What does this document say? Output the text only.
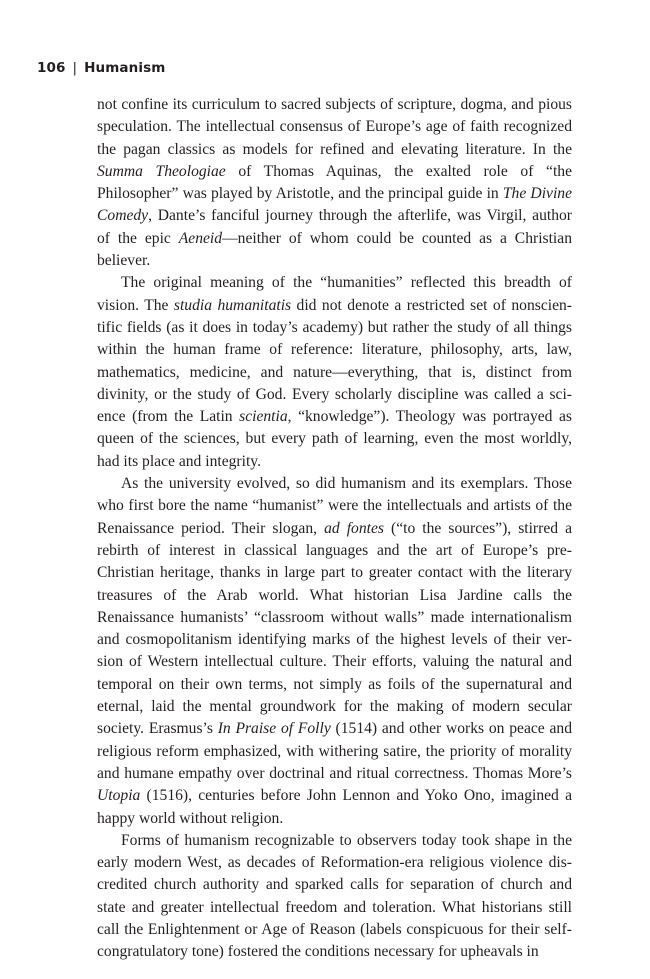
106 | Humanism

not confine its curriculum to sacred subjects of scripture, dogma, and pious speculation. The intellectual consensus of Europe’s age of faith recognized the pagan classics as models for refined and elevating literature. In the Summa Theologiae of Thomas Aquinas, the exalted role of “the Philosopher” was played by Aristotle, and the principal guide in The Divine Comedy, Dante’s fanciful journey through the afterlife, was Virgil, author of the epic Aeneid—neither of whom could be counted as a Christian believer.

The original meaning of the “humanities” reflected this breadth of vision. The studia humanitatis did not denote a restricted set of nonscientific fields (as it does in today’s academy) but rather the study of all things within the human frame of reference: literature, philosophy, arts, law, mathematics, medicine, and nature—everything, that is, distinct from divinity, or the study of God. Every scholarly discipline was called a science (from the Latin scientia, “knowledge”). Theology was portrayed as queen of the sciences, but every path of learning, even the most worldly, had its place and integrity.

As the university evolved, so did humanism and its exemplars. Those who first bore the name “humanist” were the intellectuals and artists of the Renaissance period. Their slogan, ad fontes (“to the sources”), stirred a rebirth of interest in classical languages and the art of Europe’s pre-Christian heritage, thanks in large part to greater contact with the literary treasures of the Arab world. What historian Lisa Jardine calls the Renaissance humanists’ “classroom without walls” made internationalism and cosmopolitanism identifying marks of the highest levels of their version of Western intellectual culture. Their efforts, valuing the natural and temporal on their own terms, not simply as foils of the supernatural and eternal, laid the mental groundwork for the making of modern secular society. Erasmus’s In Praise of Folly (1514) and other works on peace and religious reform emphasized, with withering satire, the priority of morality and humane empathy over doctrinal and ritual correctness. Thomas More’s Utopia (1516), centuries before John Lennon and Yoko Ono, imagined a happy world without religion.

Forms of humanism recognizable to observers today took shape in the early modern West, as decades of Reformation-era religious violence discredited church authority and sparked calls for separation of church and state and greater intellectual freedom and toleration. What historians still call the Enlightenment or Age of Reason (labels conspicuous for their self-congratulatory tone) fostered the conditions necessary for upheavals in
